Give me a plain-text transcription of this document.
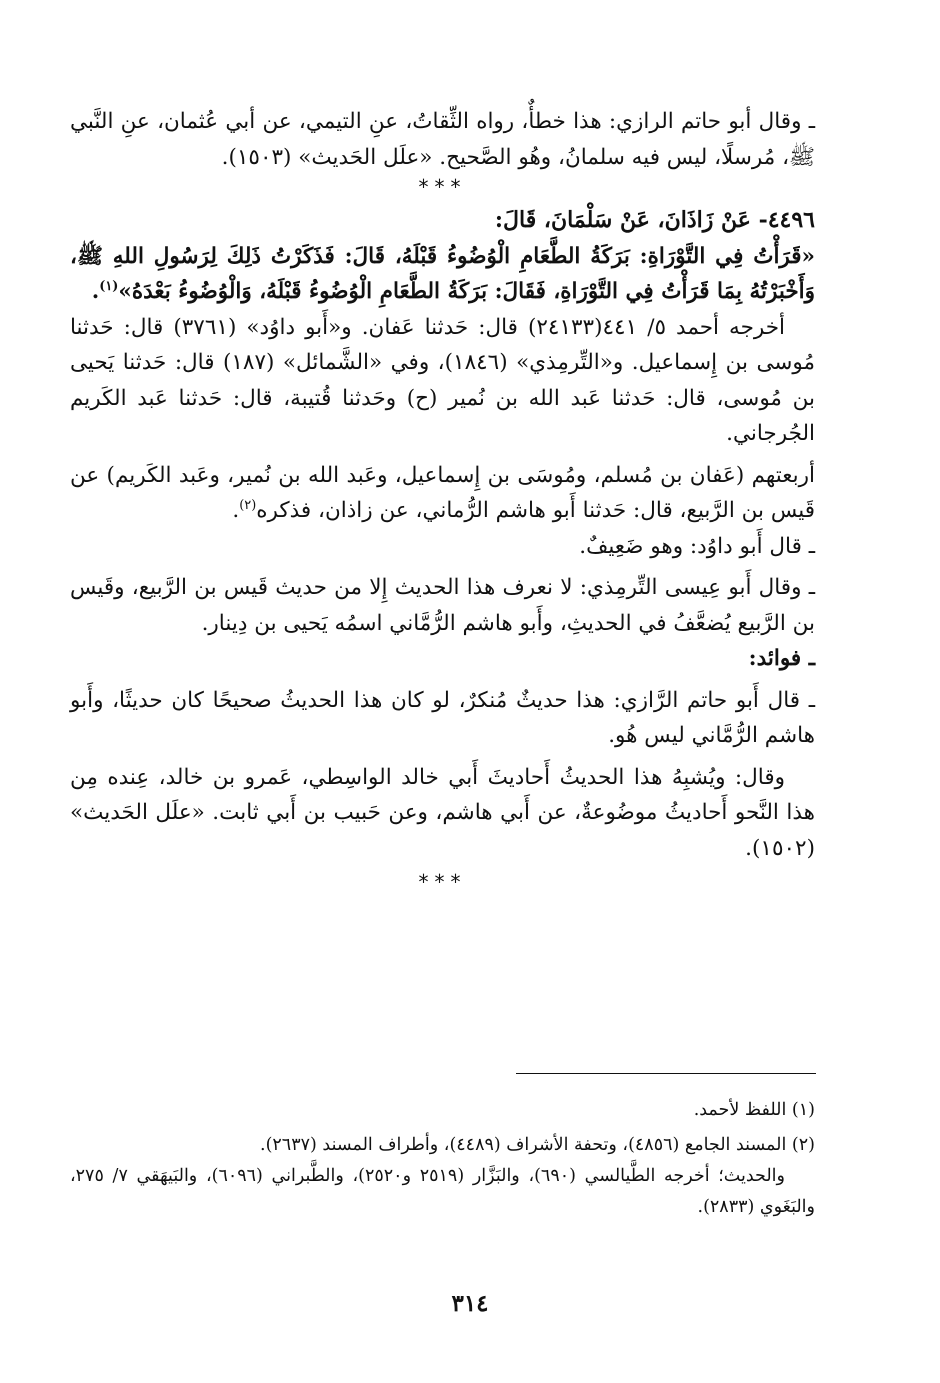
ـ وقال أبو حاتم الرازي: هذا خطأٌ، رواه الثِّقاتُ، عنِ التيمي، عن أبي عُثمان، عنِ النَّبي ﷺ، مُرسلًا، ليس فيه سلمانُ، وهُو الصَّحيح. «علَل الحَديث» (١٥٠٣).

***

٤٤٩٦- عَنْ زَاذَانَ، عَنْ سَلْمَانَ، قَالَ:

«قَرَأْتُ فِي التَّوْرَاةِ: بَرَكَةُ الطَّعَامِ الْوُضُوءُ قَبْلَهُ، قَالَ: فَذَكَرْتُ ذَلِكَ لِرَسُولِ اللهِ ﷺ، وَأَخْبَرْتُهُ بِمَا قَرَأْتُ فِي التَّوْرَاةِ، فَقَالَ: بَرَكَةُ الطَّعَامِ الْوُضُوءُ قَبْلَهُ، وَالْوُضُوءُ بَعْدَهُ»$^{(١)}$.

أخرجه أحمد ٥/ ٤٤١(٢٤١٣٣) قال: حَدثنا عَفان. و«أَبو داوُد» (٣٧٦١) قال: حَدثنا مُوسى بن إِسماعيل. و«التِّرمِذي» (١٨٤٦)، وفي «الشَّمائل» (١٨٧) قال: حَدثنا يَحيى بن مُوسى، قال: حَدثنا عَبد الله بن نُمير (ح) وحَدثنا قُتيبة، قال: حَدثنا عَبد الكَريم الجُرجاني.

أربعتهم (عَفان بن مُسلم، ومُوسَى بن إِسماعيل، وعَبد الله بن نُمير، وعَبد الكَريم) عن قَيس بن الرَّبيع، قال: حَدثنا أَبو هاشم الرُّماني، عن زاذان، فذكره$^{(٢)}$.

ـ قال أَبو داوُد: وهو ضَعِيفٌ.

ـ وقال أَبو عِيسى التِّرمِذي: لا نعرف هذا الحديث إِلا من حديث قَيس بن الرَّبيع، وقَيس بن الرَّبيع يُضعَّفُ في الحديثِ، وأَبو هاشم الرُّمَّاني اسمُه يَحيى بن دِينار.

ـ فوائد:

ـ قال أَبو حاتم الرَّازي: هذا حديثٌ مُنكرٌ، لو كان هذا الحديثُ صحيحًا كان حديثًا، وأَبو هاشم الرُّمَّاني ليس هُو.

وقال: ويُشبِهُ هذا الحديثُ أَحاديثَ أَبي خالد الواسِطي، عَمرو بن خالد، عِنده مِن هذا النَّحو أَحاديثُ موضُوعةٌ، عن أَبي هاشم، وعن حَبيب بن أَبي ثابت. «علَل الحَديث» (١٥٠٢).

***

(١) اللفظ لأحمد.

(٢) المسند الجامع (٤٨٥٦)، وتحفة الأشراف (٤٤٨٩)، وأطراف المسند (٢٦٣٧).

والحديث؛ أخرجه الطَّيالسي (٦٩٠)، والبَزَّار (٢٥١٩ و٢٥٢٠)، والطَّبراني (٦٠٩٦)، والبَيهَقي ٧/ ٢٧٥، والبَغَوي (٢٨٣٣).

٣١٤
